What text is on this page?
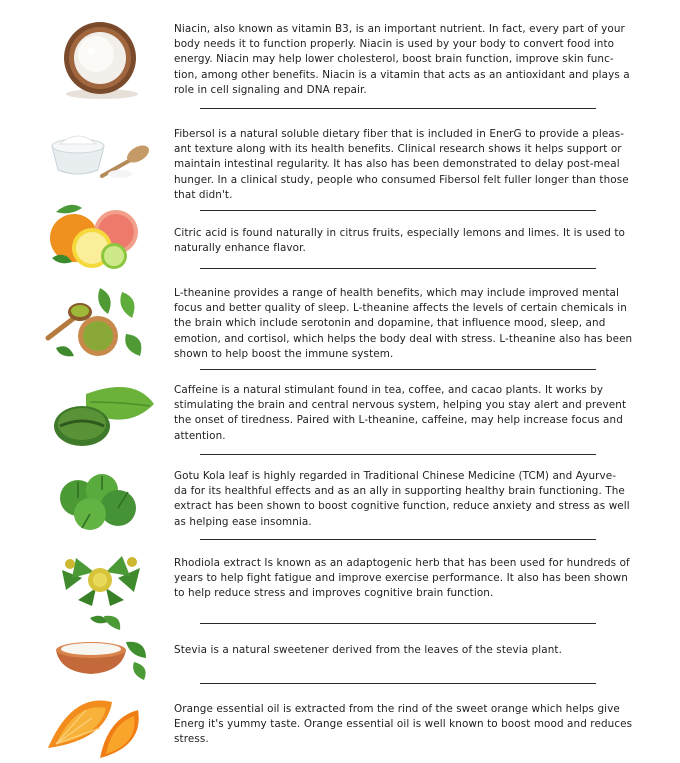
Niacin, also known as vitamin B3, is an important nutrient. In fact, every part of your
body needs it to function properly. Niacin is used by your body to convert food into
energy. Niacin may help lower cholesterol, boost brain function, improve skin func-
tion, among other benefits. Niacin is a vitamin that acts as an antioxidant and plays a
role in cell signaling and DNA repair.
Fibersol is a natural soluble dietary fiber that is included in EnerG to provide a pleas-
ant texture along with its health benefits. Clinical research shows it helps support or
maintain intestinal regularity. It has also has been demonstrated to delay post-meal
hunger. In a clinical study, people who consumed Fibersol felt fuller longer than those
that didn't.
Citric acid is found naturally in citrus fruits, especially lemons and limes. It is used to
naturally enhance flavor.
L-theanine provides a range of health benefits, which may include improved mental
focus and better quality of sleep. L-theanine affects the levels of certain chemicals in
the brain which include serotonin and dopamine, that influence mood, sleep, and
emotion, and cortisol, which helps the body deal with stress. L-theanine also has been
shown to help boost the immune system.
Caffeine is a natural stimulant found in tea, coffee, and cacao plants. It works by
stimulating the brain and central nervous system, helping you stay alert and prevent
the onset of tiredness. Paired with L-theanine, caffeine, may help increase focus and
attention.
Gotu Kola leaf is highly regarded in Traditional Chinese Medicine (TCM) and Ayurve-
da for its healthful effects and as an ally in supporting healthy brain functioning. The
extract has been shown to boost cognitive function, reduce anxiety and stress as well
as helping ease insomnia.
Rhodiola extract Is known as an adaptogenic herb that has been used for hundreds of
years to help fight fatigue and improve exercise performance. It also has been shown
to help reduce stress and improves cognitive brain function.
Stevia is a natural sweetener derived from the leaves of the stevia plant.
Orange essential oil is extracted from the rind of the sweet orange which helps give
Energ it's yummy taste. Orange essential oil is well known to boost mood and reduces
stress.
